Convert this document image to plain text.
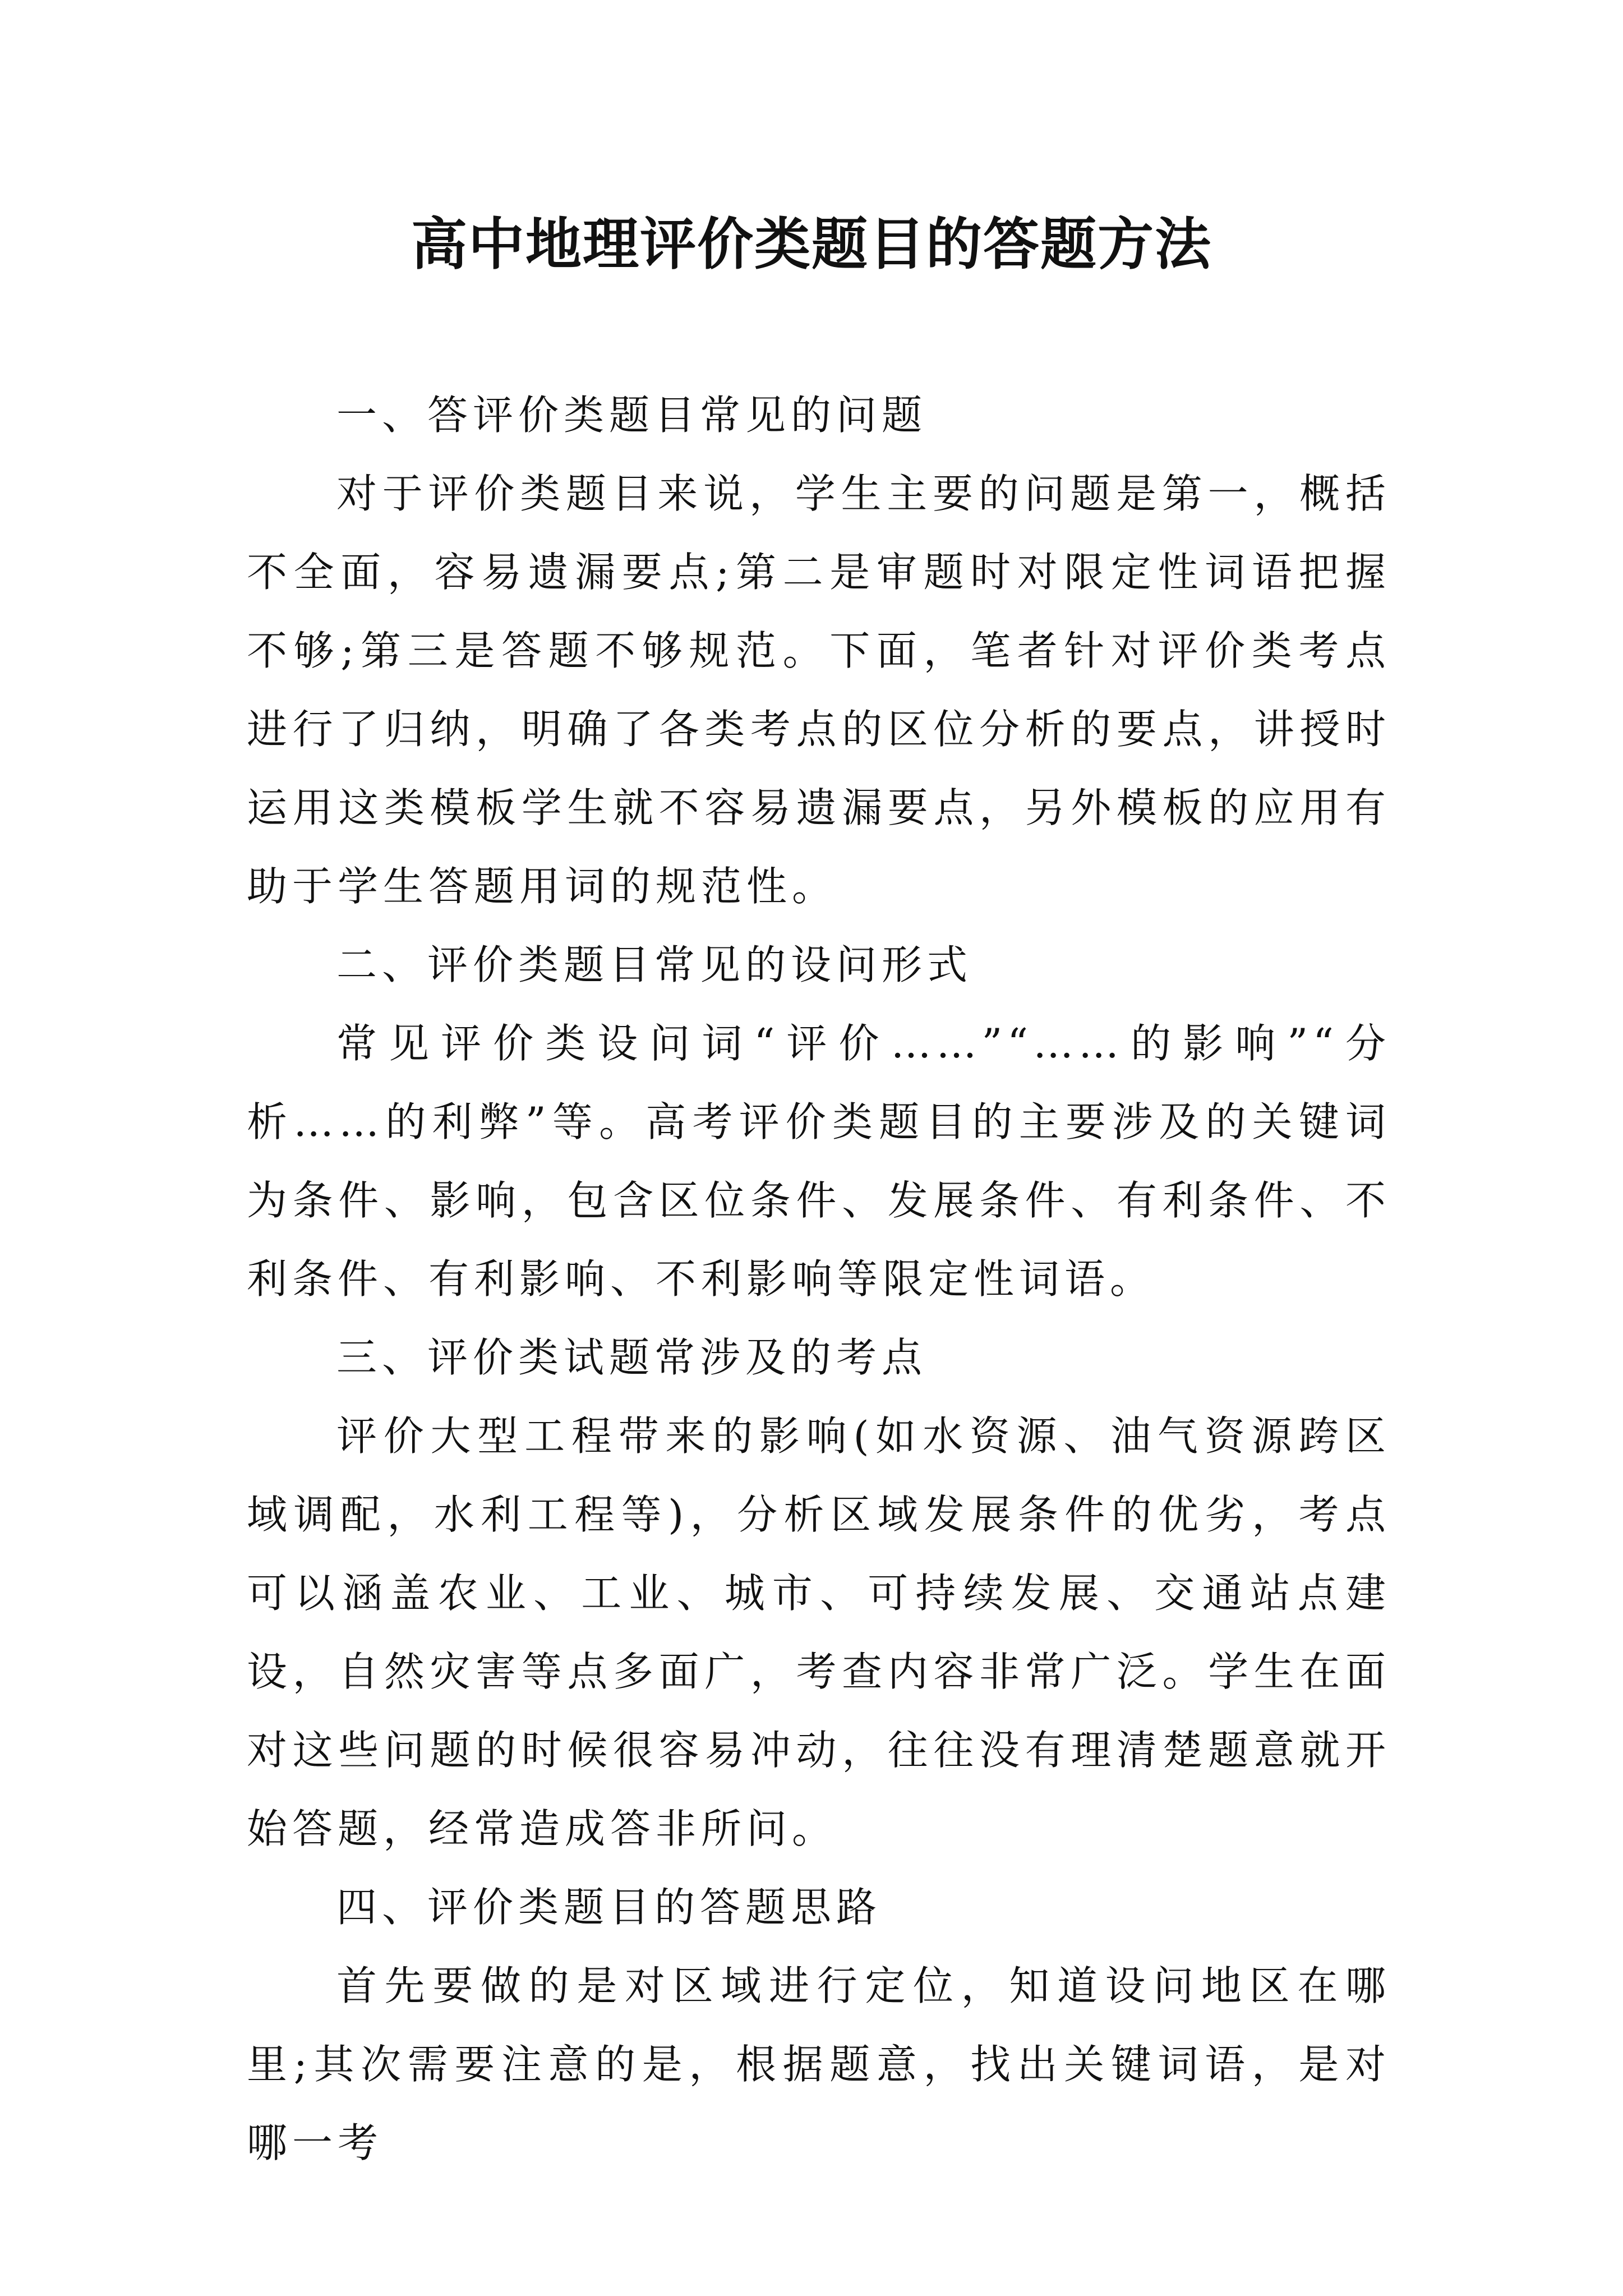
高中地理评价类题目的答题方法

一、答评价类题目常见的问题

对于评价类题目来说，学生主要的问题是第一，概括不全面，容易遗漏要点;第二是审题时对限定性词语把握不够;第三是答题不够规范。下面，笔者针对评价类考点进行了归纳，明确了各类考点的区位分析的要点，讲授时运用这类模板学生就不容易遗漏要点，另外模板的应用有助于学生答题用词的规范性。

二、评价类题目常见的设问形式

常见评价类设问词“评价……”“……的影响”“分析……的利弊”等。高考评价类题目的主要涉及的关键词为条件、影响，包含区位条件、发展条件、有利条件、不利条件、有利影响、不利影响等限定性词语。

三、评价类试题常涉及的考点

评价大型工程带来的影响(如水资源、油气资源跨区域调配，水利工程等)，分析区域发展条件的优劣，考点可以涵盖农业、工业、城市、可持续发展、交通站点建设，自然灾害等点多面广，考查内容非常广泛。学生在面对这些问题的时候很容易冲动，往往没有理清楚题意就开始答题，经常造成答非所问。

四、评价类题目的答题思路

首先要做的是对区域进行定位，知道设问地区在哪里;其次需要注意的是，根据题意，找出关键词语，是对哪一考
